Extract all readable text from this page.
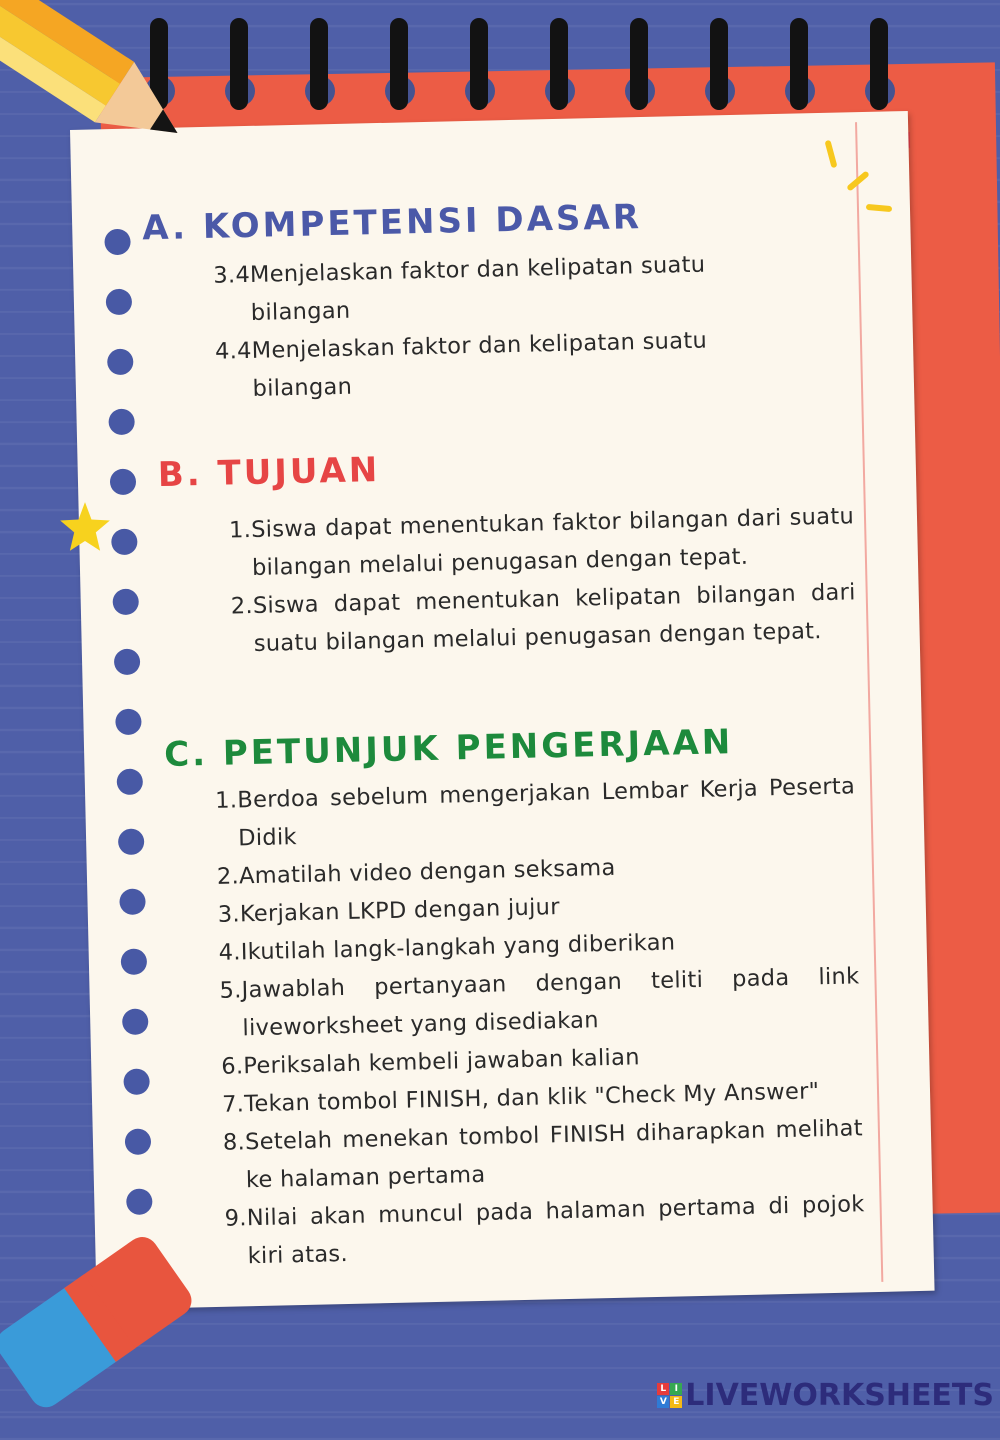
A. KOMPETENSI DASAR
3.4 Menjelaskan faktor dan kelipatan suatu bilangan
4.4 Menjelaskan faktor dan kelipatan suatu bilangan
B. TUJUAN
1. Siswa dapat menentukan faktor bilangan dari suatu bilangan melalui penugasan dengan tepat.
2. Siswa dapat menentukan kelipatan bilangan dari suatu bilangan melalui penugasan dengan tepat.
C. PETUNJUK PENGERJAAN
1. Berdoa sebelum mengerjakan Lembar Kerja Peserta Didik
2. Amatilah video dengan seksama
3. Kerjakan LKPD dengan jujur
4. Ikutilah langk-langkah yang diberikan
5. Jawablah pertanyaan dengan teliti pada link liveworksheet yang disediakan
6. Periksalah kembeli jawaban kalian
7. Tekan tombol FINISH, dan klik "Check My Answer"
8. Setelah menekan tombol FINISH diharapkan melihat ke halaman pertama
9. Nilai akan muncul pada halaman pertama di pojok kiri atas.
L I
V E LIVEWORKSHEETS
